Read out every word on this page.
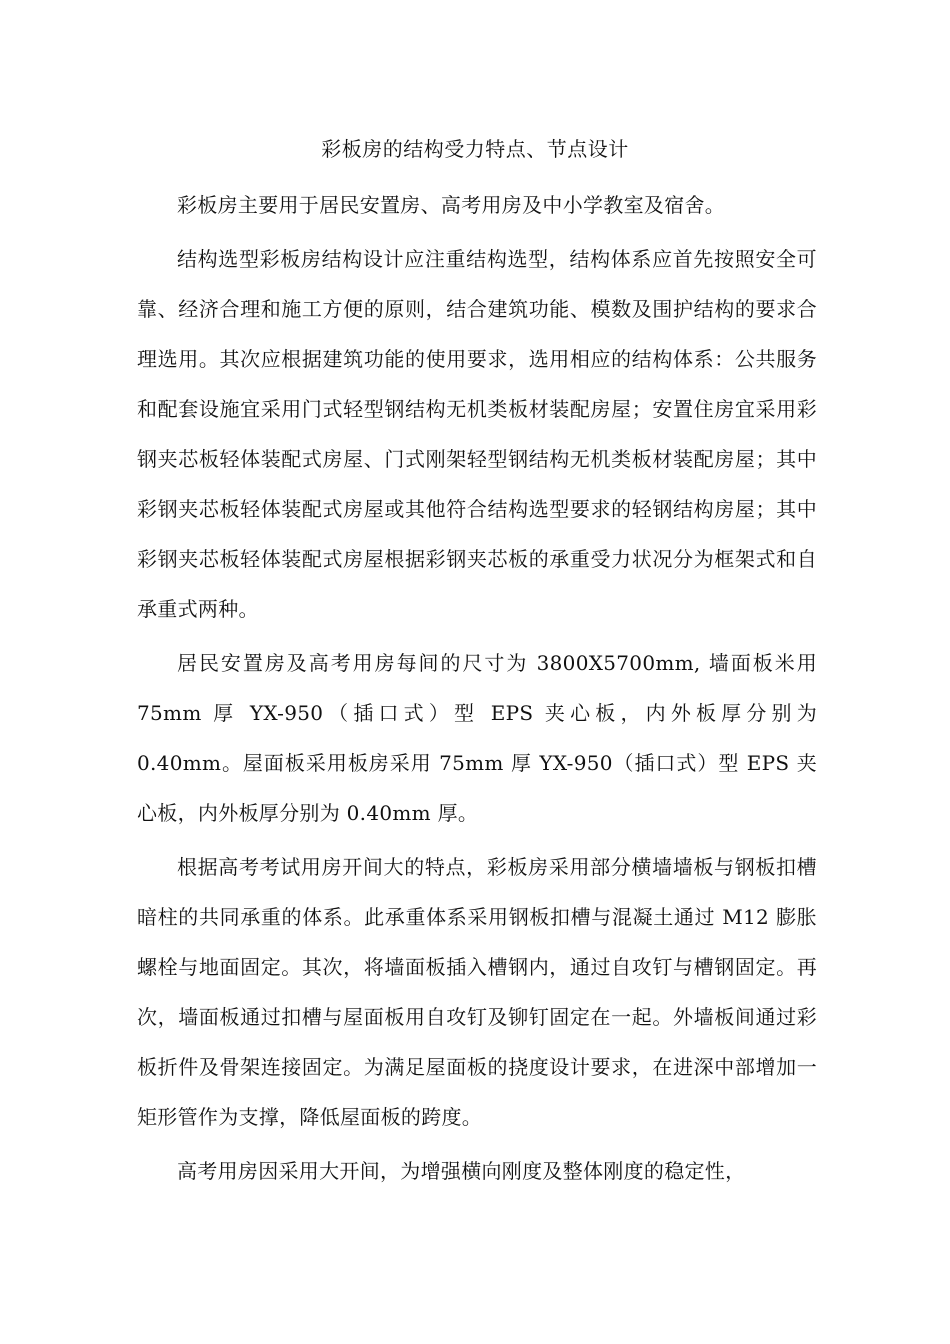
彩板房的结构受力特点、节点设计

彩板房主要用于居民安置房、高考用房及中小学教室及宿舍。

结构选型彩板房结构设计应注重结构选型，结构体系应首先按照安全可靠、经济合理和施工方便的原则，结合建筑功能、模数及围护结构的要求合理选用。其次应根据建筑功能的使用要求，选用相应的结构体系：公共服务和配套设施宜采用门式轻型钢结构无机类板材装配房屋；安置住房宜采用彩钢夹芯板轻体装配式房屋、门式刚架轻型钢结构无机类板材装配房屋；其中彩钢夹芯板轻体装配式房屋或其他符合结构选型要求的轻钢结构房屋；其中彩钢夹芯板轻体装配式房屋根据彩钢夹芯板的承重受力状况分为框架式和自承重式两种。

居民安置房及高考用房每间的尺寸为 3800X5700mm, 墙面板米用 75mm 厚 YX-950（插口式）型 EPS 夹心板，内外板厚分别为 0.40mm。屋面板采用板房采用 75mm 厚 YX-950（插口式）型 EPS 夹心板，内外板厚分别为 0.40mm 厚。

根据高考考试用房开间大的特点，彩板房采用部分横墙墙板与钢板扣槽暗柱的共同承重的体系。此承重体系采用钢板扣槽与混凝土通过 M12 膨胀螺栓与地面固定。其次，将墙面板插入槽钢内，通过自攻钉与槽钢固定。再次，墙面板通过扣槽与屋面板用自攻钉及铆钉固定在一起。外墙板间通过彩板折件及骨架连接固定。为满足屋面板的挠度设计要求，在进深中部增加一矩形管作为支撑，降低屋面板的跨度。

高考用房因采用大开间，为增强横向刚度及整体刚度的稳定性，
